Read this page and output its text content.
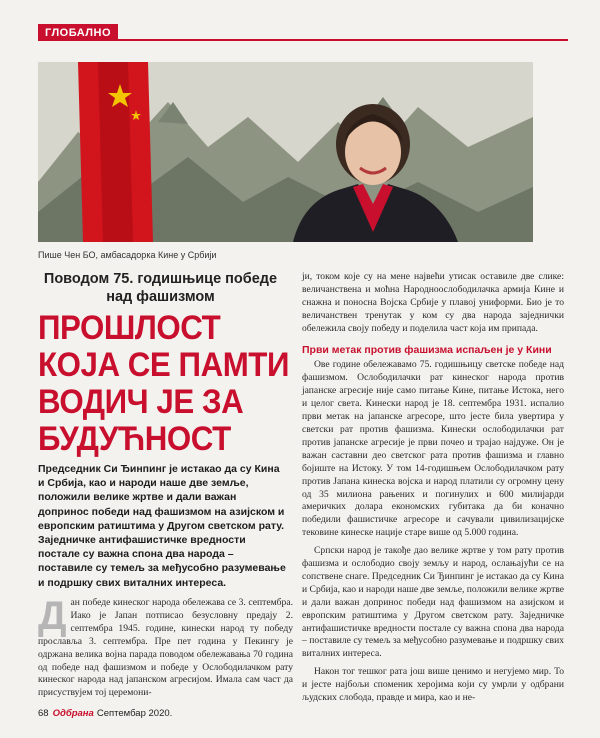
ГЛОБАЛНО
Пише Чен БО, амбасадорка Кине у Србији
Поводом 75. годишњице победе над фашизмом
ПРОШЛОСТ
КОЈА СЕ ПАМТИ
ВОДИЧ ЈЕ ЗА
БУДУЋНОСТ

Председник Си Ђинпинг је истакао да су Кина и Србија, као и народи наше две земље, положили велике жртве и дали важан допринос победи над фашизмом на азијском и европским ратиштима у Другом светском рату. Заједничке антифашистичке вредности постале су важна спона два народа – поставиле су темељ за међусобно разумевање и подршку свих виталних интереса.

Д ан победе кинеског народа обележава се 3. септембра. Иако је Јапан потписао безусловну предају 2. септембра 1945. године, кинески народ ту победу прославља 3. септембра. Пре пет година у Пекингу је одржана велика војна парада поводом обележавања 70 година од победе над фашизмом и победе у Ослободилачком рату кинеског народа над јапанском агресијом. Имала сам част да присуствујем тој церемони-

ји, током које су на мене највећи утисак оставиле две слике: величанствена и моћна Народноослободилачка армија Кине и снажна и поносна Војска Србије у плавој униформи. Био је то величанствен тренутак у ком су два народа заједнички обележила своју победу и поделила част која им припада.

Први метак против фашизма испаљен је у Кини

Ове године обележавамо 75. годишњицу светске победе над фашизмом. Ослободилачки рат кинеског народа против јапанске агресије није само питање Кине, питање Истока, него и целог света. Кинески народ је 18. септембра 1931. испалио први метак на јапанске агресоре, што јесте била увертира у светски рат против фашизма. Кинески ослободилачки рат против јапанске агресије је први почео и трајао најдуже. Он је важан саставни део светског рата против фашизма и главно бојиште на Истоку. У том 14-годишњем Ослободилачком рату против Јапана кинеска војска и народ платили су огромну цену од 35 милиона рањених и погинулих и 600 милијарди америчких долара економских губитака да би коначно победили фашистичке агресоре и сачували цивилизацијске тековине кинеске нације старе више од 5.000 година.

Српски народ је такође дао велике жртве у том рату против фашизма и ослободио своју земљу и народ, ослањајући се на сопствене снаге. Председник Си Ђинпинг је истакао да су Кина и Србија, као и народи наше две земље, положили велике жртве и дали важан допринос победи над фашизмом на азијском и европским ратиштима у Другом светском рату. Заједничке антифашистичке вредности постале су важна спона два народа – поставиле су темељ за међусобно разумевање и подршку свих виталних интереса.

Након тог тешког рата још више ценимо и негујемо мир. То и јесте најбољи споменик херојима који су умрли у одбрани људских слобода, правде и мира, као и не-

68 Одбрана Септембар 2020.
